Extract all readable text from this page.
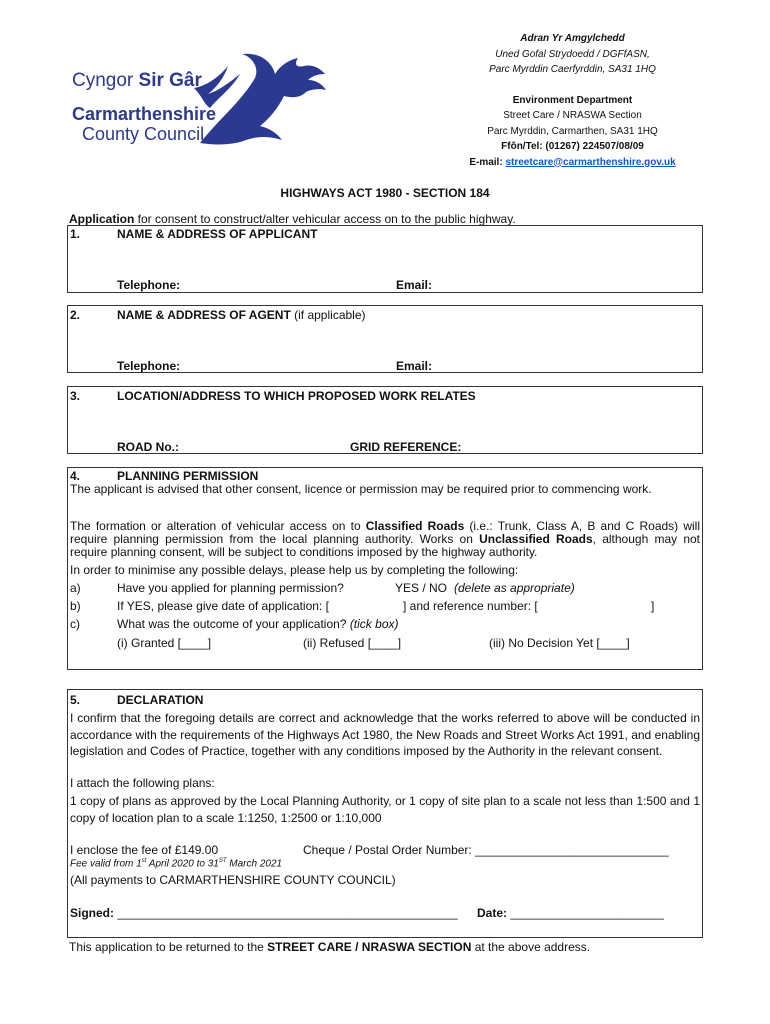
Cyngor Sir Gâr
Carmarthenshire
County Council
Adran Yr Amgylchedd
Uned Gofal Strydoedd / DGFfASN,
Parc Myrddin Caerfyrddin, SA31 1HQ
Environment Department
Street Care / NRASWA Section
Parc Myrddin, Carmarthen, SA31 1HQ
Ffôn/Tel: (01267) 224507/08/09
E-mail: streetcare@carmarthenshire.gov.uk
HIGHWAYS ACT 1980 - SECTION 184
Application for consent to construct/alter vehicular access on to the public highway.
1.	NAME & ADDRESS OF APPLICANT
Telephone:	Email:
2.	NAME & ADDRESS OF AGENT (if applicable)
Telephone:	Email:
3.	LOCATION/ADDRESS TO WHICH PROPOSED WORK RELATES
ROAD No.:	GRID REFERENCE:
4.	PLANNING PERMISSION
The applicant is advised that other consent, licence or permission may be required prior to commencing work.
The formation or alteration of vehicular access on to Classified Roads (i.e.: Trunk, Class A, B and C Roads) will require planning permission from the local planning authority. Works on Unclassified Roads, although may not require planning consent, will be subject to conditions imposed by the highway authority.
In order to minimise any possible delays, please help us by completing the following:
a)	Have you applied for planning permission?	YES / NO (delete as appropriate)
b)	If YES, please give date of application: [	] and reference number: [	]
c)	What was the outcome of your application? (tick box)
(i) Granted [____]	(ii) Refused [____]	(iii) No Decision Yet [____]
5.	DECLARATION
I confirm that the foregoing details are correct and acknowledge that the works referred to above will be conducted in accordance with the requirements of the Highways Act 1980, the New Roads and Street Works Act 1991, and enabling legislation and Codes of Practice, together with any conditions imposed by the Authority in the relevant consent.
I attach the following plans:
1 copy of plans as approved by the Local Planning Authority, or 1 copy of site plan to a scale not less than 1:500 and 1 copy of location plan to a scale 1:1250, 1:2500 or 1:10,000
I enclose the fee of £149.00	Cheque / Postal Order Number: _____________________________
Fee valid from 1st April 2020 to 31ST March 2021
(All payments to CARMARTHENSHIRE COUNTY COUNCIL)
Signed: ___________________________________________________ Date: _______________________
This application to be returned to the STREET CARE / NRASWA SECTION at the above address.
